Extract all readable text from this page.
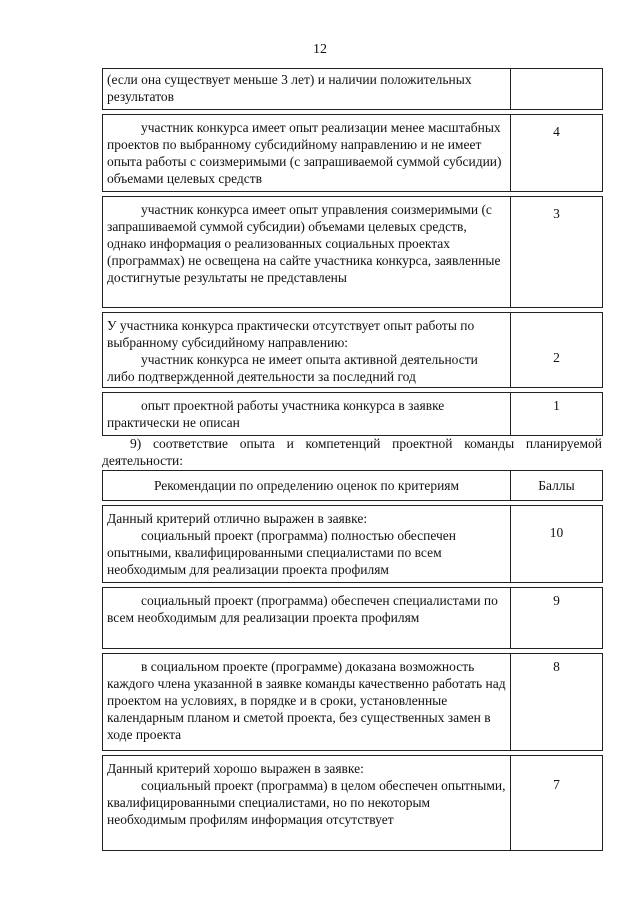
12
(если она существует меньше 3 лет) и наличии положительных результатов	

участник конкурса имеет опыт реализации менее масштабных проектов по выбранному субсидийному направлению и не имеет опыта работы с соизмеримыми (с запрашиваемой суммой субсидии) объемами целевых средств	4

участник конкурса имеет опыт управления соизмеримыми (с запрашиваемой суммой субсидии) объемами целевых средств, однако информация о реализованных социальных проектах (программах) не освещена на сайте участника конкурса, заявленные достигнутые результаты не представлены	3

У участника конкурса практически отсутствует опыт работы по выбранному субсидийному направлению:
участник конкурса не имеет опыта активной деятельности либо подтвержденной деятельности за последний год	2

опыт проектной работы участника конкурса в заявке практически не описан	1
9) соответствие опыта и компетенций проектной команды планируемой деятельности:
Рекомендации по определению оценок по критериям	Баллы

Данный критерий отлично выражен в заявке:
социальный проект (программа) полностью обеспечен опытными, квалифицированными специалистами по всем необходимым для реализации проекта профилям	10

социальный проект (программа) обеспечен специалистами по всем необходимым для реализации проекта профилям	9

в социальном проекте (программе) доказана возможность каждого члена указанной в заявке команды качественно работать над проектом на условиях, в порядке и в сроки, установленные календарным планом и сметой проекта, без существенных замен в ходе проекта	8

Данный критерий хорошо выражен в заявке:
социальный проект (программа) в целом обеспечен опытными, квалифицированными специалистами, но по некоторым необходимым профилям информация отсутствует	7
